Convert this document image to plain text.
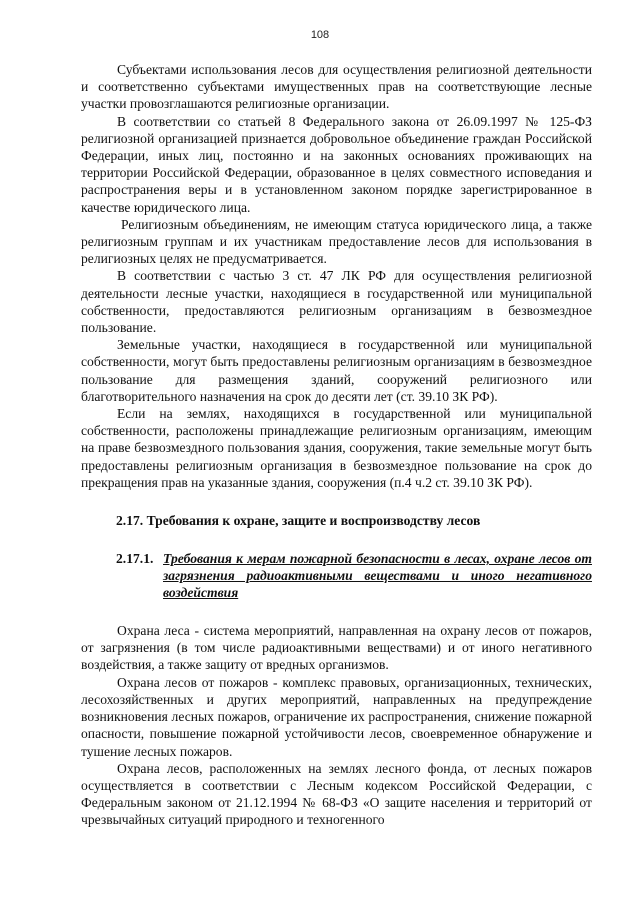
108

Субъектами использования лесов для осуществления религиозной деятельности и соответственно субъектами имущественных прав на соответствующие лесные участки провозглашаются религиозные организации.

В соответствии со статьей 8 Федерального закона от 26.09.1997 № 125-ФЗ религиозной организацией признается добровольное объединение граждан Российской Федерации, иных лиц, постоянно и на законных основаниях проживающих на территории Российской Федерации, образованное в целях совместного исповедания и распространения веры и в установленном законом порядке зарегистрированное в качестве юридического лица.

Религиозным объединениям, не имеющим статуса юридического лица, а также религиозным группам и их участникам предоставление лесов для использования в религиозных целях не предусматривается.

В соответствии с частью 3 ст. 47 ЛК РФ для осуществления религиозной деятельности лесные участки, находящиеся в государственной или муниципальной собственности, предоставляются религиозным организациям в безвозмездное пользование.

Земельные участки, находящиеся в государственной или муниципальной собственности, могут быть предоставлены религиозным организациям в безвозмездное пользование для размещения зданий, сооружений религиозного или благотворительного назначения на срок до десяти лет (ст. 39.10 ЗК РФ).

Если на землях, находящихся в государственной или муниципальной собственности, расположены принадлежащие религиозным организациям, имеющим на праве безвозмездного пользования здания, сооружения, такие земельные могут быть предоставлены религиозным организация в безвозмездное пользование на срок до прекращения прав на указанные здания, сооружения (п.4 ч.2 ст. 39.10 ЗК РФ).

2.17. Требования к охране, защите и воспроизводству лесов
2.17.1. Требования к мерам пожарной безопасности в лесах, охране лесов от загрязнения радиоактивными веществами и иного негативного воздействия

Охрана леса - система мероприятий, направленная на охрану лесов от пожаров, от загрязнения (в том числе радиоактивными веществами) и от иного негативного воздействия, а также защиту от вредных организмов.

Охрана лесов от пожаров - комплекс правовых, организационных, технических, лесохозяйственных и других мероприятий, направленных на предупреждение возникновения лесных пожаров, ограничение их распространения, снижение пожарной опасности, повышение пожарной устойчивости лесов, своевременное обнаружение и тушение лесных пожаров.

Охрана лесов, расположенных на землях лесного фонда, от лесных пожаров осуществляется в соответствии с Лесным кодексом Российской Федерации, с Федеральным законом от 21.12.1994 № 68-ФЗ «О защите населения и территорий от чрезвычайных ситуаций природного и техногенного
